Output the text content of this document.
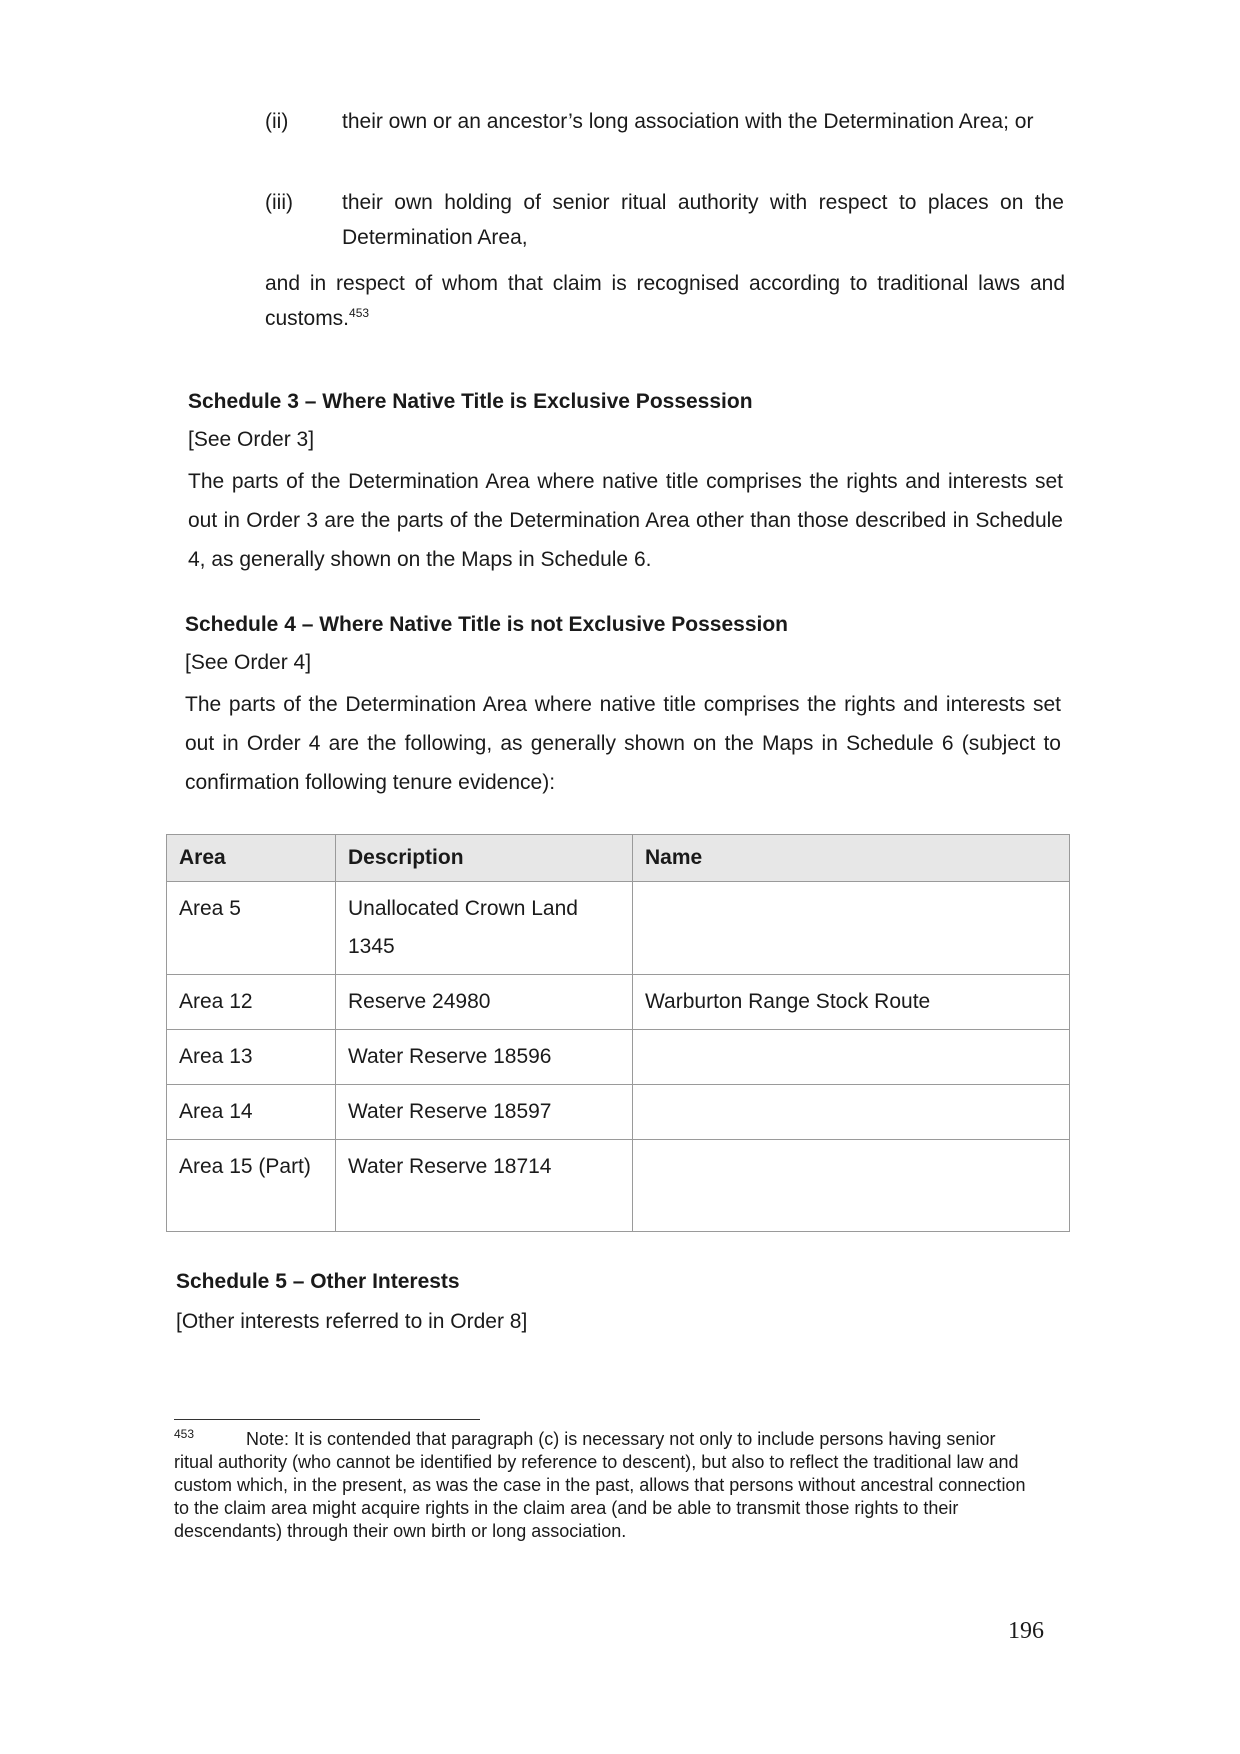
(ii)	their own or an ancestor’s long association with the Determination Area; or
(iii) their own holding of senior ritual authority with respect to places on the Determination Area,
and in respect of whom that claim is recognised according to traditional laws and customs.$^{453}$
Schedule 3 – Where Native Title is Exclusive Possession
[See Order 3]
The parts of the Determination Area where native title comprises the rights and interests set out in Order 3 are the parts of the Determination Area other than those described in Schedule 4, as generally shown on the Maps in Schedule 6.
Schedule 4 – Where Native Title is not Exclusive Possession
[See Order 4]
The parts of the Determination Area where native title comprises the rights and interests set out in Order 4 are the following, as generally shown on the Maps in Schedule 6 (subject to confirmation following tenure evidence):
Area	Description	Name
Area 5	Unallocated Crown Land 1345	
Area 12	Reserve 24980	Warburton Range Stock Route
Area 13	Water Reserve 18596	
Area 14	Water Reserve 18597	
Area 15 (Part)	Water Reserve 18714	
Schedule 5 – Other Interests
[Other interests referred to in Order 8]
$^{453}$	Note: It is contended that paragraph (c) is necessary not only to include persons having senior ritual authority (who cannot be identified by reference to descent), but also to reflect the traditional law and custom which, in the present, as was the case in the past, allows that persons without ancestral connection to the claim area might acquire rights in the claim area (and be able to transmit those rights to their descendants) through their own birth or long association.
196
